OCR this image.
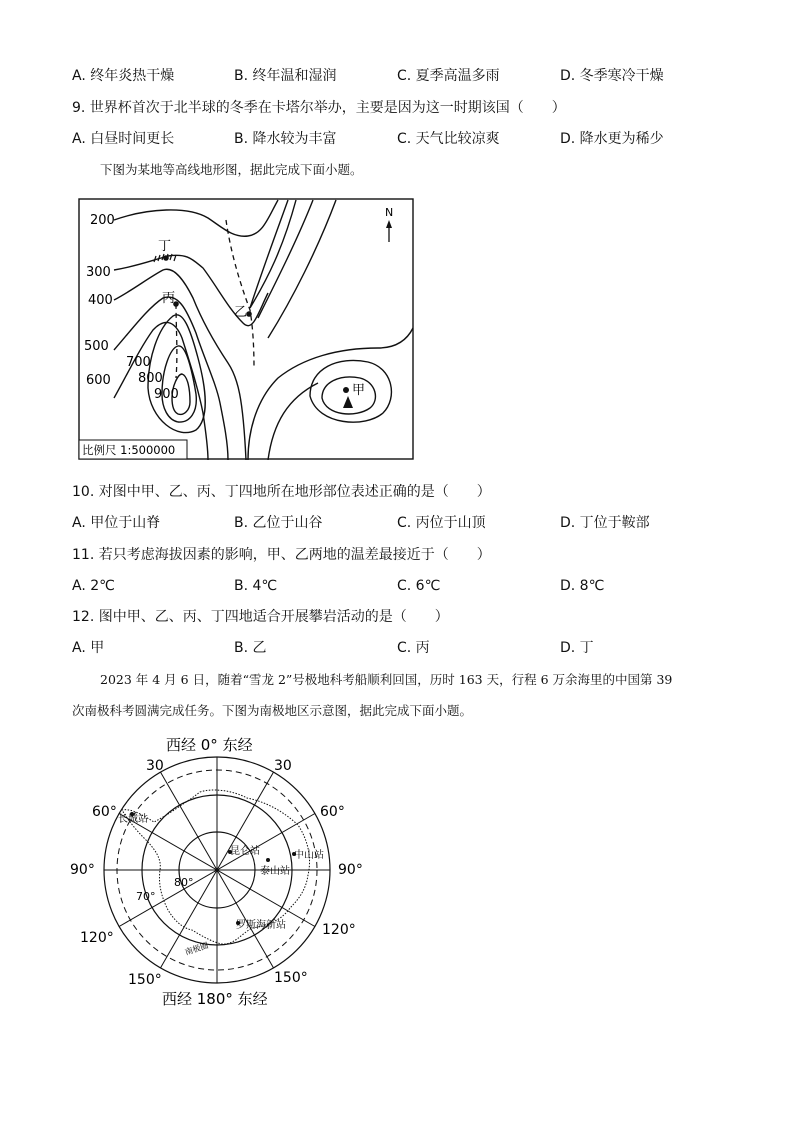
A. 终年炎热干燥	B. 终年温和湿润	C. 夏季高温多雨	D. 冬季寒冷干燥
9. 世界杯首次于北半球的冬季在卡塔尔举办，主要是因为这一时期该国（　　）
A. 白昼时间更长	B. 降水较为丰富	C. 天气比较凉爽	D. 降水更为稀少
下图为某地等高线地形图，据此完成下面小题。
N
200
300
400
500
600
700
800
900
丁
丙
乙
甲
比例尺 1:500000
10. 对图中甲、乙、丙、丁四地所在地形部位表述正确的是（　　）
A. 甲位于山脊	B. 乙位于山谷	C. 丙位于山顶	D. 丁位于鞍部
11. 若只考虑海拔因素的影响，甲、乙两地的温差最接近于（　　）
A. 2℃	B. 4℃	C. 6℃	D. 8℃
12. 图中甲、乙、丙、丁四地适合开展攀岩活动的是（　　）
A. 甲	B. 乙	C. 丙	D. 丁
2023 年 4 月 6 日，随着“雪龙 2”号极地科考船顺利回国，历时 163 天，行程 6 万余海里的中国第 39
次南极科考圆满完成任务。下图为南极地区示意图，据此完成下面小题。
西经 0° 东经
西经 180° 东经
30	30
60°	60°
90°	90°
120°	120°
150°	150°
80°
70°
长城站
昆仑站	中山站
泰山站
罗斯海新站
南极圈
